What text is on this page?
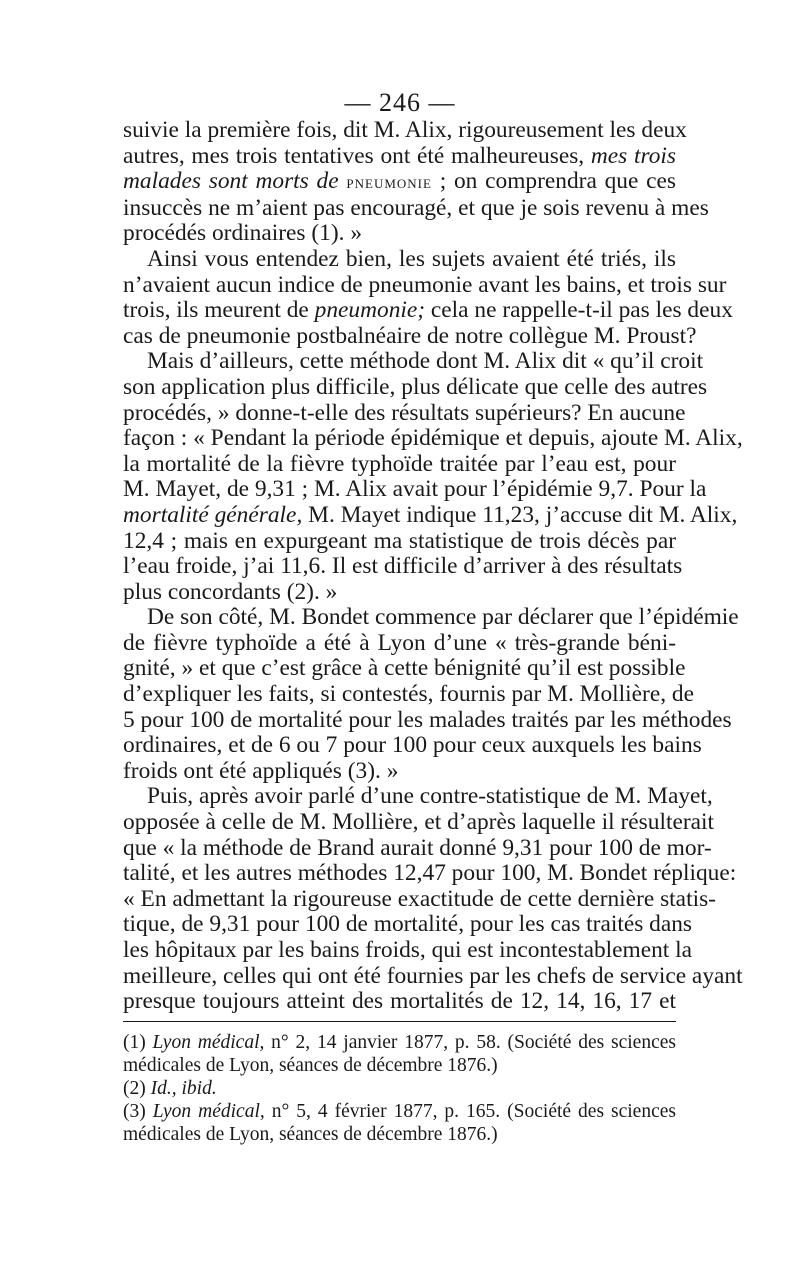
— 246 —
suivie la première fois, dit M. Alix, rigoureusement les deux
autres, mes trois tentatives ont été malheureuses, mes trois
malades sont morts de pneumonie ; on comprendra que ces
insuccès ne m’aient pas encouragé, et que je sois revenu à mes
procédés ordinaires (1). »
Ainsi vous entendez bien, les sujets avaient été triés, ils
n’avaient aucun indice de pneumonie avant les bains, et trois sur
trois, ils meurent de pneumonie; cela ne rappelle-t-il pas les deux
cas de pneumonie postbalnéaire de notre collègue M. Proust?
Mais d’ailleurs, cette méthode dont M. Alix dit « qu’il croit
son application plus difficile, plus délicate que celle des autres
procédés, » donne-t-elle des résultats supérieurs? En aucune
façon : « Pendant la période épidémique et depuis, ajoute M. Alix,
la mortalité de la fièvre typhoïde traitée par l’eau est, pour
M. Mayet, de 9,31 ; M. Alix avait pour l’épidémie 9,7. Pour la
mortalité générale, M. Mayet indique 11,23, j’accuse dit M. Alix,
12,4 ; mais en expurgeant ma statistique de trois décès par
l’eau froide, j’ai 11,6. Il est difficile d’arriver à des résultats
plus concordants (2). »
De son côté, M. Bondet commence par déclarer que l’épidémie
de fièvre typhoïde a été à Lyon d’une « très-grande béni-
gnité, » et que c’est grâce à cette bénignité qu’il est possible
d’expliquer les faits, si contestés, fournis par M. Mollière, de
5 pour 100 de mortalité pour les malades traités par les méthodes
ordinaires, et de 6 ou 7 pour 100 pour ceux auxquels les bains
froids ont été appliqués (3). »
Puis, après avoir parlé d’une contre-statistique de M. Mayet,
opposée à celle de M. Mollière, et d’après laquelle il résulterait
que « la méthode de Brand aurait donné 9,31 pour 100 de mor-
talité, et les autres méthodes 12,47 pour 100, M. Bondet réplique:
« En admettant la rigoureuse exactitude de cette dernière statis-
tique, de 9,31 pour 100 de mortalité, pour les cas traités dans
les hôpitaux par les bains froids, qui est incontestablement la
meilleure, celles qui ont été fournies par les chefs de service ayant
presque toujours atteint des mortalités de 12, 14, 16, 17 et
(1) Lyon médical, n° 2, 14 janvier 1877, p. 58. (Société des sciences
médicales de Lyon, séances de décembre 1876.)
(2) Id., ibid.
(3) Lyon médical, n° 5, 4 février 1877, p. 165. (Société des sciences
médicales de Lyon, séances de décembre 1876.)
